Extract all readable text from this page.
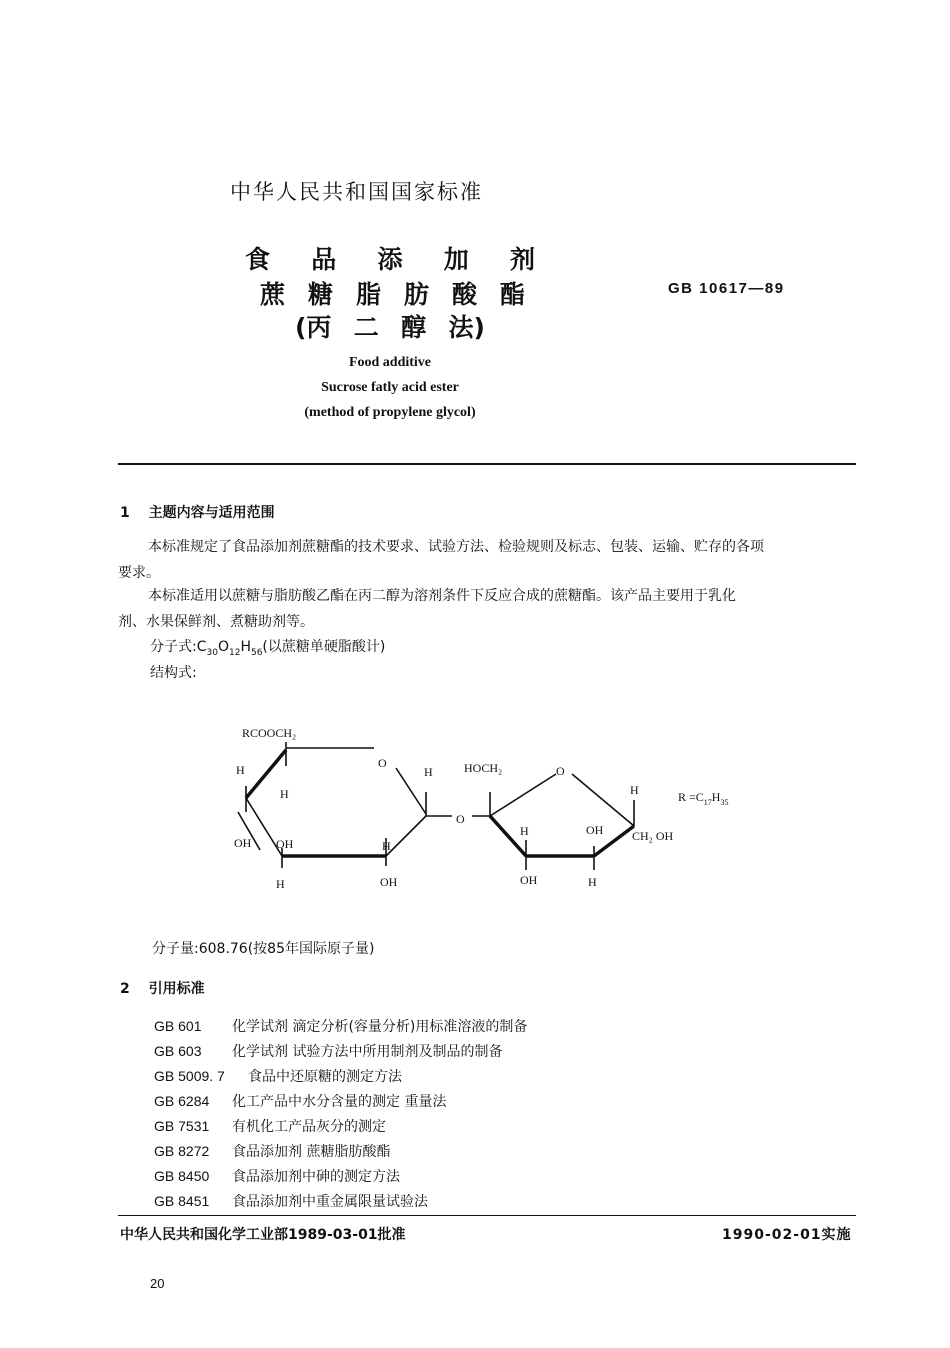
中华人民共和国国家标准
食 品 添 加 剂
蔗 糖 脂 肪 酸 酯
(丙 二 醇 法)
GB 10617—89
Food additive
Sucrose fatly acid ester
(method of propylene glycol)
1 主题内容与适用范围
本标准规定了食品添加剂蔗糖酯的技术要求、试验方法、检验规则及标志、包装、运输、贮存的各项
要求。
本标准适用以蔗糖与脂肪酸乙酯在丙二醇为溶剂条件下反应合成的蔗糖酯。该产品主要用于乳化
剂、水果保鲜剂、煮糖助剂等。
分子式$:C_{30}O_{12}H_{56}$(以蔗糖单硬脂酸计)
结构式:
RCOOCH₂
O
H
H
H
OH OH	H
H	OH
O
HOCH₂	O
H
H	OH CH₂ OH
OH	H
$R =C_{17}H_{35}$
分子量:608.76(按85年国际原子量)
2 引用标准
GB 601 化学试剂 滴定分析(容量分析)用标准溶液的制备
GB 603 化学试剂 试验方法中所用制剂及制品的制备
GB 5009. 7 食品中还原糖的测定方法
GB 6284 化工产品中水分含量的测定 重量法
GB 7531 有机化工产品灰分的测定
GB 8272 食品添加剂 蔗糖脂肪酸酯
GB 8450 食品添加剂中砷的测定方法
GB 8451 食品添加剂中重金属限量试验法
中华人民共和国化学工业部1989-03-01批准	1990-02-01实施
20
